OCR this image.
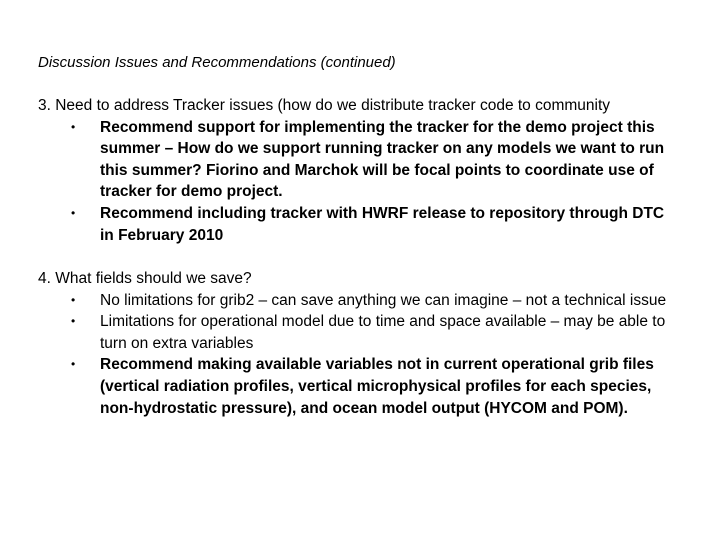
Discussion Issues and Recommendations (continued)

3. Need to address Tracker issues (how do we distribute tracker code to community

• Recommend support for implementing the tracker for the demo project this summer – How do we support running tracker on any models we want to run this summer? Fiorino and Marchok will be focal points to coordinate use of tracker for demo project.
• Recommend including tracker with HWRF release to repository through DTC in February 2010

4. What fields should we save?

• No limitations for grib2 – can save anything we can imagine – not a technical issue
• Limitations for operational model due to time and space available – may be able to turn on extra variables
• Recommend making available variables not in current operational grib files (vertical radiation profiles, vertical microphysical profiles for each species, non-hydrostatic pressure), and ocean model output (HYCOM and POM).
